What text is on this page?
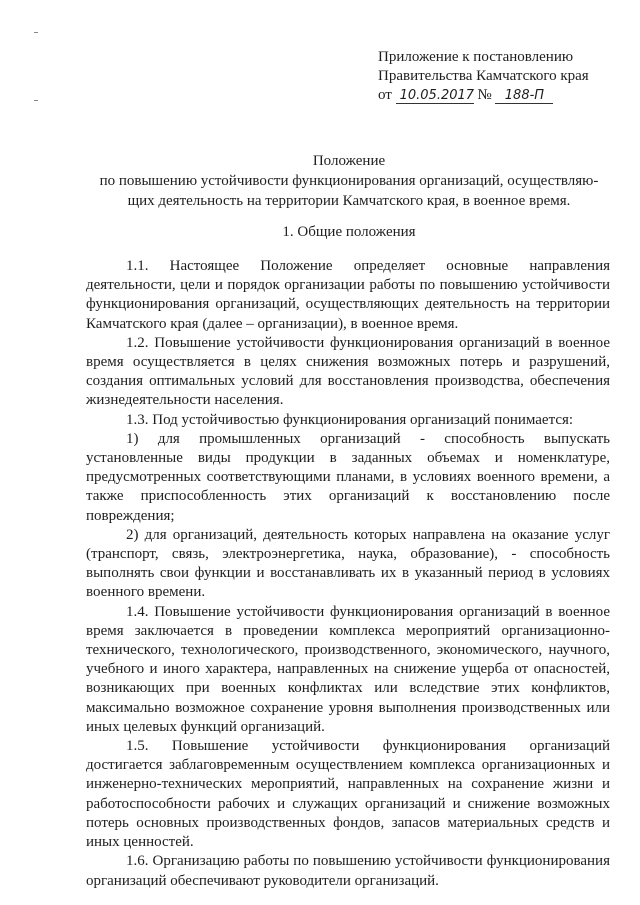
Приложение к постановлению
Правительства Камчатского края
от 10.05.2017 № 188-П
Положение
по повышению устойчивости функционирования организаций, осуществляю-
щих деятельность на территории Камчатского края, в военное время.
1. Общие положения

1.1. Настоящее Положение определяет основные направления деятельности, цели и порядок организации работы по повышению устойчивости функционирования организаций, осуществляющих деятельность на территории Камчатского края (далее – организации), в военное время.

1.2. Повышение устойчивости функционирования организаций в военное время осуществляется в целях снижения возможных потерь и разрушений, создания оптимальных условий для восстановления производства, обеспечения жизнедеятельности населения.

1.3. Под устойчивостью функционирования организаций понимается:

1) для промышленных организаций - способность выпускать установленные виды продукции в заданных объемах и номенклатуре, предусмотренных соответствующими планами, в условиях военного времени, а также приспособленность этих организаций к восстановлению после повреждения;

2) для организаций, деятельность которых направлена на оказание услуг (транспорт, связь, электроэнергетика, наука, образование), - способность выполнять свои функции и восстанавливать их в указанный период в условиях военного времени.

1.4. Повышение устойчивости функционирования организаций в военное время заключается в проведении комплекса мероприятий организационно-технического, технологического, производственного, экономического, научного, учебного и иного характера, направленных на снижение ущерба от опасностей, возникающих при военных конфликтах или вследствие этих конфликтов, максимально возможное сохранение уровня выполнения производственных или иных целевых функций организаций.

1.5. Повышение устойчивости функционирования организаций достигается заблаговременным осуществлением комплекса организационных и инженерно-технических мероприятий, направленных на сохранение жизни и работоспособности рабочих и служащих организаций и снижение возможных потерь основных производственных фондов, запасов материальных средств и иных ценностей.

1.6. Организацию работы по повышению устойчивости функционирования организаций обеспечивают руководители организаций.
